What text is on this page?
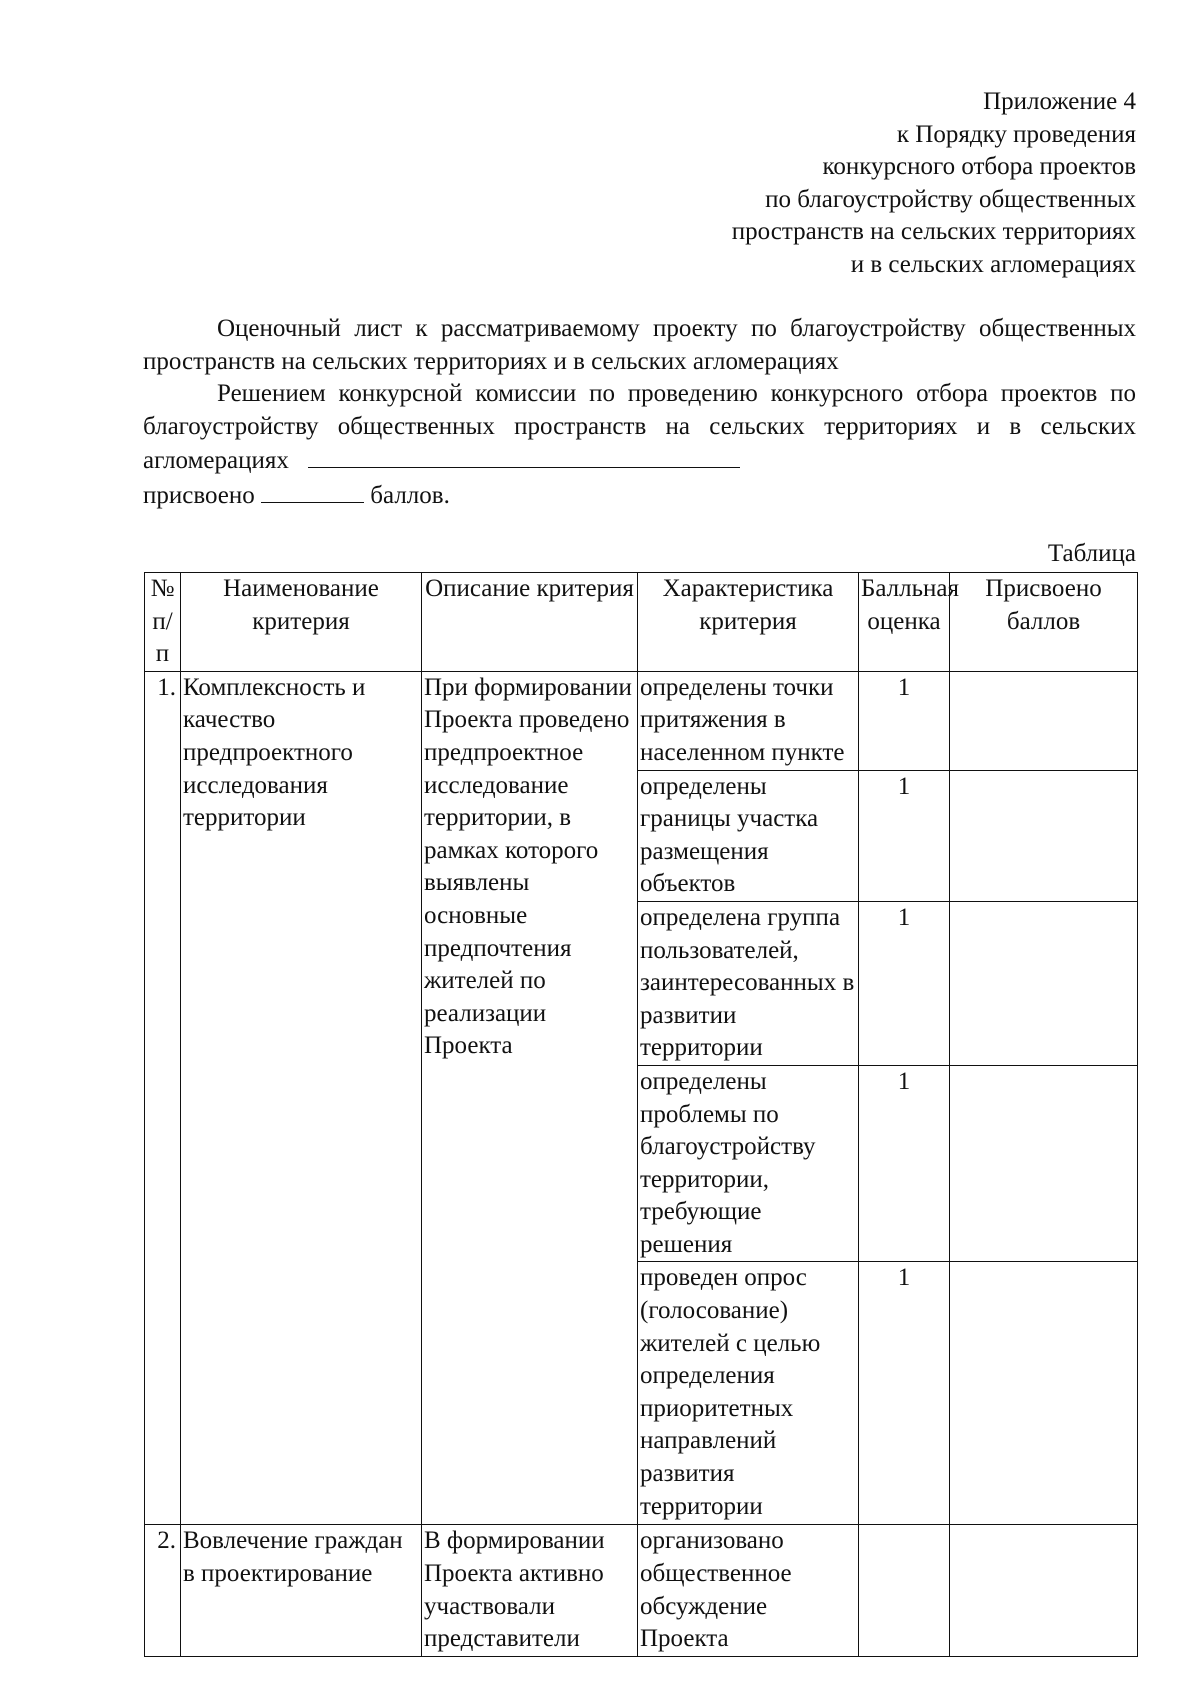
Приложение 4
к Порядку проведения
конкурсного отбора проектов
по благоустройству общественных
пространств на сельских территориях
и в сельских агломерациях

Оценочный лист к рассматриваемому проекту по благоустройству общественных пространств на сельских территориях и в сельских агломерациях

Решением конкурсной комиссии по проведению конкурсного отбора проектов по благоустройству общественных пространств на сельских территориях и в сельских агломерациях

присвоено	баллов.
Таблица
№ п/п	Наименование критерия	Описание критерия	Характеристика критерия	Балльная оценка	Присвоено баллов
1.	Комплексность и качество предпроектного исследования территории	При формировании Проекта проведено предпроектное исследование территории, в рамках которого выявлены основные предпочтения жителей по реализации Проекта	определены точки притяжения в населенном пункте	1	
			определены границы участка размещения объектов	1	
			определена группа пользователей, заинтересованных в развитии территории	1	
			определены проблемы по благоустройству территории, требующие решения	1	
			проведен опрос (голосование) жителей с целью определения приоритетных направлений развития территории	1	
2.	Вовлечение граждан в проектирование	В формировании Проекта активно участвовали представители	организовано общественное обсуждение Проекта		
